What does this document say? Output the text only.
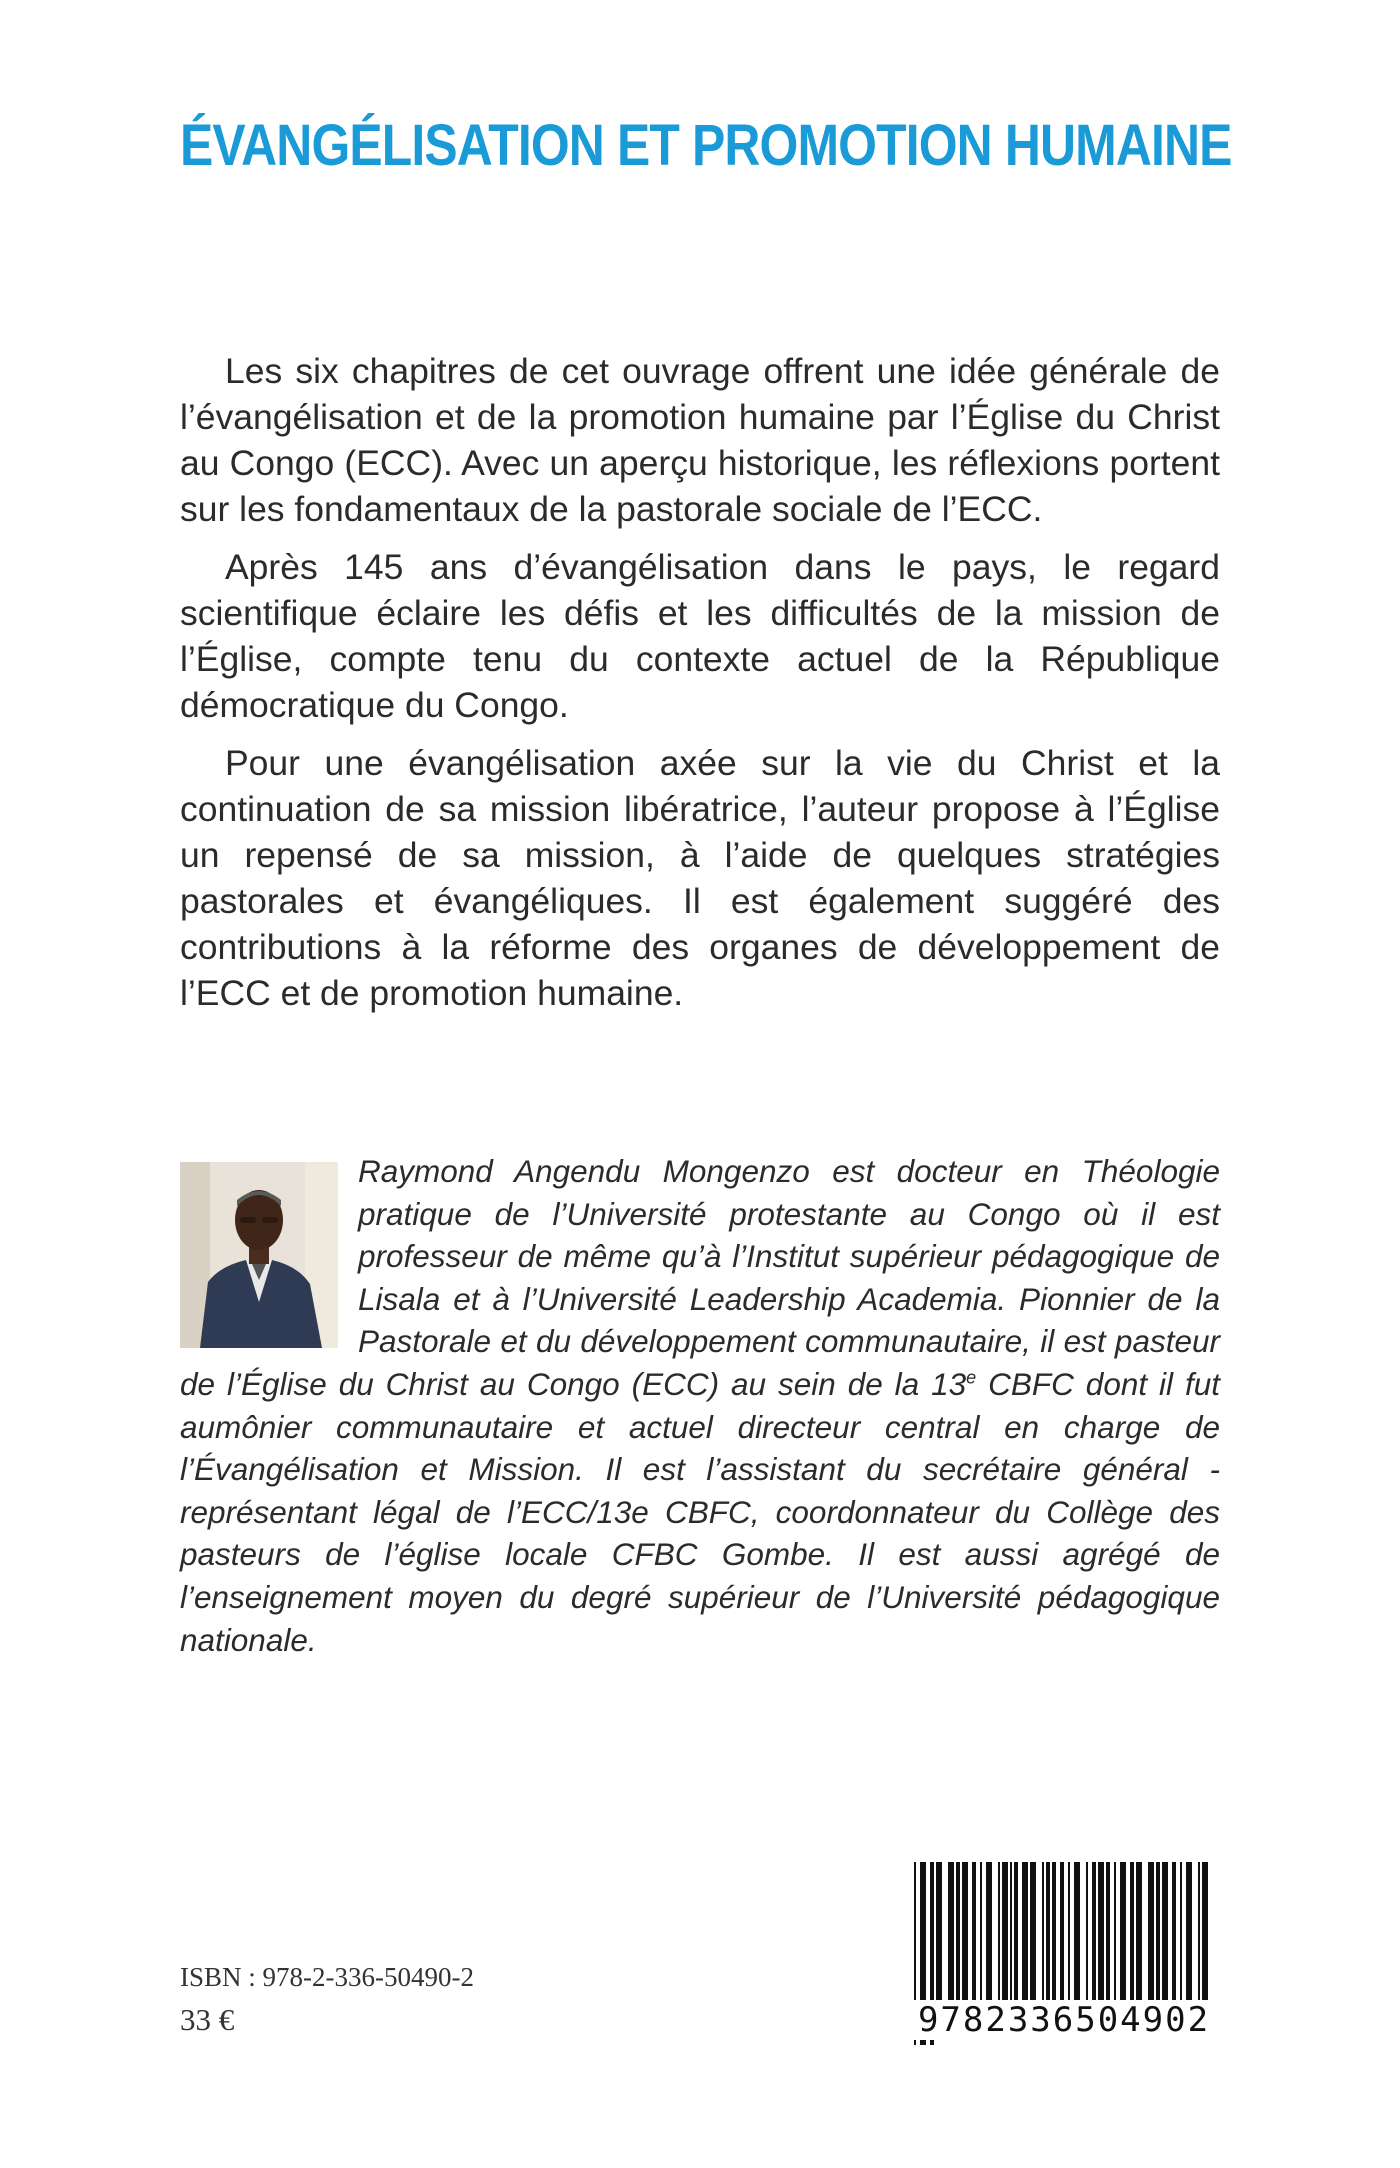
ÉVANGÉLISATION ET PROMOTION HUMAINE

Les six chapitres de cet ouvrage offrent une idée générale de l’évangélisation et de la promotion humaine par l’Église du Christ au Congo (ECC). Avec un aperçu historique, les réflexions portent sur les fondamentaux de la pastorale sociale de l’ECC.

Après 145 ans d’évangélisation dans le pays, le regard scientifique éclaire les défis et les difficultés de la mission de l’Église, compte tenu du contexte actuel de la République démocratique du Congo.

Pour une évangélisation axée sur la vie du Christ et la continuation de sa mission libératrice, l’auteur propose à l’Église un repensé de sa mission, à l’aide de quelques stratégies pastorales et évangéliques. Il est également suggéré des contributions à la réforme des organes de développement de l’ECC et de promotion humaine.

Raymond Angendu Mongenzo est docteur en Théologie pratique de l’Université protestante au Congo où il est professeur de même qu’à l’Institut supérieur pédagogique de Lisala et à l’Université Leadership Academia. Pionnier de la Pastorale et du développement communautaire, il est pasteur de l’Église du Christ au Congo (ECC) au sein de la 13e CBFC dont il fut aumônier communautaire et actuel directeur central en charge de l’Évangélisation et Mission. Il est l’assistant du secrétaire général - représentant légal de l’ECC/13e CBFC, coordonnateur du Collège des pasteurs de l’église locale CFBC Gombe. Il est aussi agrégé de l’enseignement moyen du degré supérieur de l’Université pédagogique nationale.
ISBN : 978-2-336-50490-2
33 €	9782336504902
